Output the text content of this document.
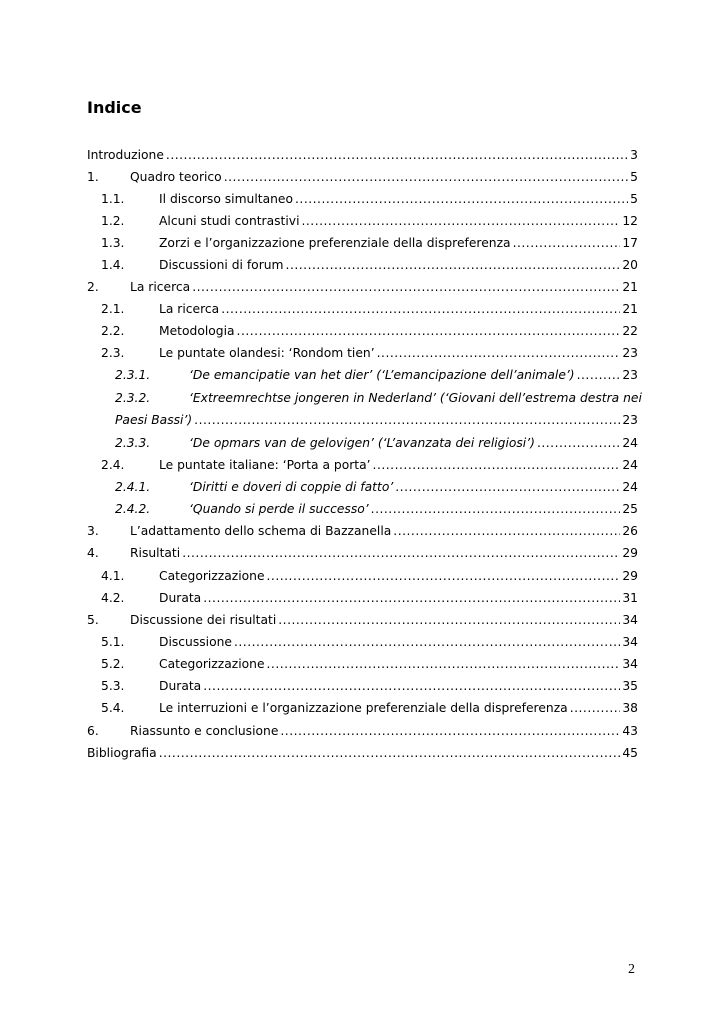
Indice
Introduzione .....	3
1.	Quadro teorico .....	5
1.1.	Il discorso simultaneo .....	5
1.2.	Alcuni studi contrastivi .....	12
1.3.	Zorzi e l’organizzazione preferenziale della dispreferenza .....	17
1.4.	Discussioni di forum .....	20
2.	La ricerca .....	21
2.1.	La ricerca .....	21
2.2.	Metodologia .....	22
2.3.	Le puntate olandesi: ‘Rondom tien’ .....	23
2.3.1.	‘De emancipatie van het dier’ (‘L’emancipazione dell’animale’) .....	23
2.3.2.	‘Extreemrechtse jongeren in Nederland’ (‘Giovani dell’estrema destra nei
Paesi Bassi’) .....	23
2.3.3.	‘De opmars van de gelovigen’ (‘L’avanzata dei religiosi’) .....	24
2.4.	Le puntate italiane: ‘Porta a porta’ .....	24
2.4.1.	‘Diritti e doveri di coppie di fatto’ .....	24
2.4.2.	‘Quando si perde il successo’ .....	25
3.	L’adattamento dello schema di Bazzanella .....	26
4.	Risultati .....	29
4.1.	Categorizzazione .....	29
4.2.	Durata .....	31
5.	Discussione dei risultati .....	34
5.1.	Discussione .....	34
5.2.	Categorizzazione .....	34
5.3.	Durata .....	35
5.4.	Le interruzioni e l’organizzazione preferenziale della dispreferenza .....	38
6.	Riassunto e conclusione .....	43
Bibliografia .....	45
2
